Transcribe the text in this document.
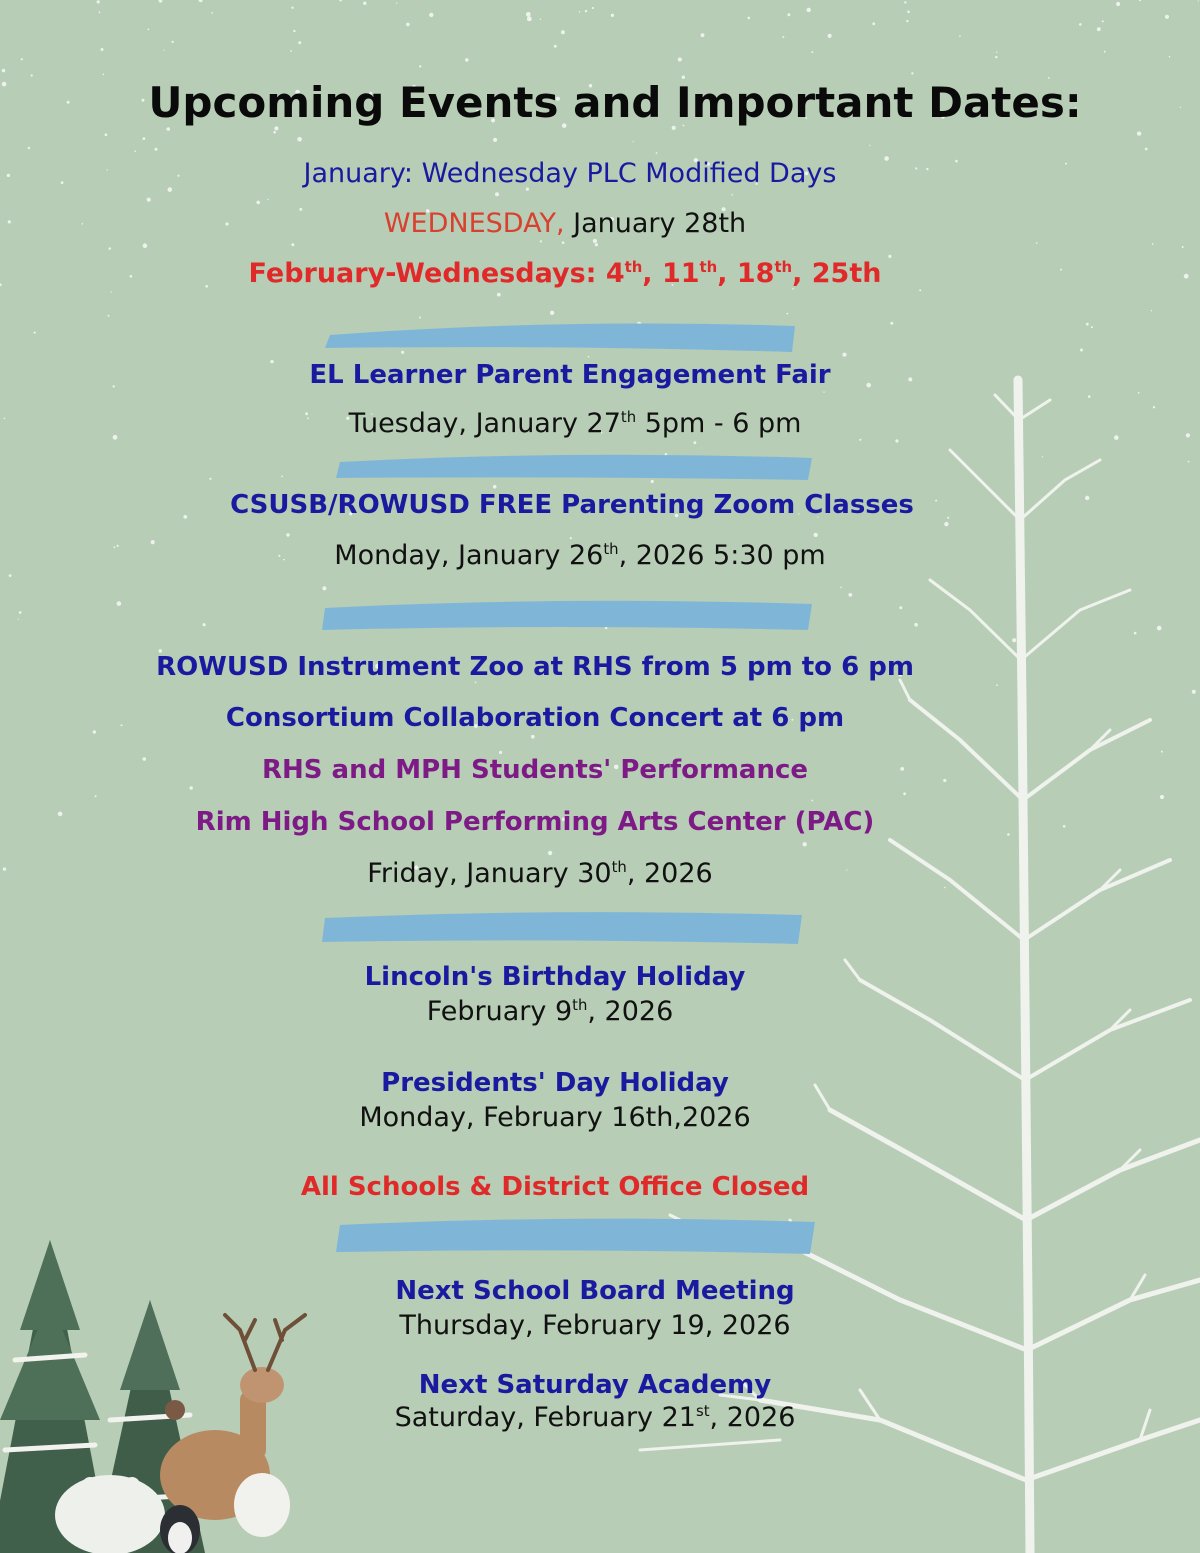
Upcoming Events and Important Dates:

January: Wednesday PLC Modified Days

WEDNESDAY, January 28th

February-Wednesdays: 4th, 11th, 18th, 25th

EL Learner Parent Engagement Fair

Tuesday, January 27th 5pm - 6 pm

CSUSB/ROWUSD FREE Parenting Zoom Classes

Monday, January 26th, 2026 5:30 pm

ROWUSD Instrument Zoo at RHS from 5 pm to 6 pm

Consortium Collaboration Concert at 6 pm

RHS and MPH Students' Performance

Rim High School Performing Arts Center (PAC)

Friday, January 30th, 2026

Lincoln's Birthday Holiday

February 9th, 2026

Presidents' Day Holiday

Monday, February 16th,2026

All Schools & District Office Closed

Next School Board Meeting

Thursday, February 19, 2026

Next Saturday Academy

Saturday, February 21st, 2026
